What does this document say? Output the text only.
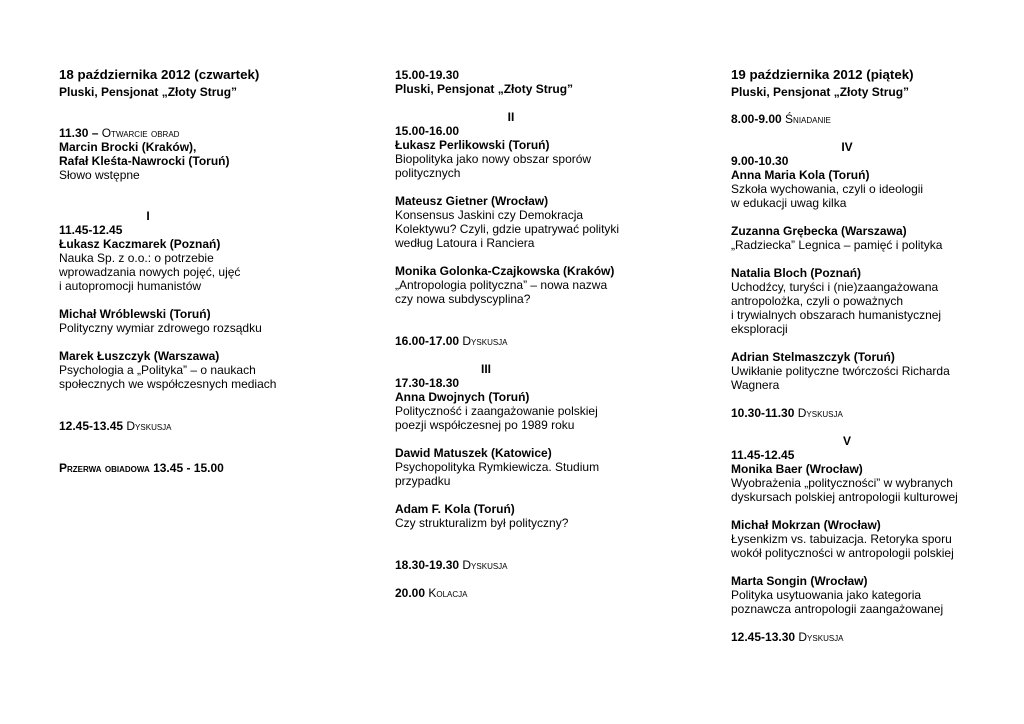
18 października 2012 (czwartek)
Pluski, Pensjonat „Złoty Strug”
11.30 – Otwarcie obrad
Marcin Brocki (Kraków),
Rafał Kleśta-Nawrocki (Toruń)
Słowo wstępne
I
11.45-12.45
Łukasz Kaczmarek (Poznań)
Nauka Sp. z o.o.: o potrzebie
wprowadzania nowych pojęć, ujęć
i autopromocji humanistów
Michał Wróblewski (Toruń)
Polityczny wymiar zdrowego rozsądku
Marek Łuszczyk (Warszawa)
Psychologia a „Polityka” – o naukach
społecznych we współczesnych mediach
12.45-13.45 Dyskusja
Przerwa obiadowa 13.45 - 15.00
15.00-19.30
Pluski, Pensjonat „Złoty Strug”
II
15.00-16.00
Łukasz Perlikowski (Toruń)
Biopolityka jako nowy obszar sporów
politycznych
Mateusz Gietner (Wrocław)
Konsensus Jaskini czy Demokracja
Kolektywu? Czyli, gdzie upatrywać polityki
według Latoura i Ranciera
Monika Golonka-Czajkowska (Kraków)
„Antropologia polityczna” – nowa nazwa
czy nowa subdyscyplina?
16.00-17.00 Dyskusja
III
17.30-18.30
Anna Dwojnych (Toruń)
Polityczność i zaangażowanie polskiej
poezji współczesnej po 1989 roku
Dawid Matuszek (Katowice)
Psychopolityka Rymkiewicza. Studium
przypadku
Adam F. Kola (Toruń)
Czy strukturalizm był polityczny?
18.30-19.30 Dyskusja
20.00 Kolacja
19 października 2012 (piątek)
Pluski, Pensjonat „Złoty Strug”
8.00-9.00 Śniadanie
IV
9.00-10.30
Anna Maria Kola (Toruń)
Szkoła wychowania, czyli o ideologii
w edukacji uwag kilka
Zuzanna Grębecka (Warszawa)
„Radziecka” Legnica – pamięć i polityka
Natalia Bloch (Poznań)
Uchodźcy, turyści i (nie)zaangażowana
antropolożka, czyli o poważnych
i trywialnych obszarach humanistycznej
eksploracji
Adrian Stelmaszczyk (Toruń)
Uwikłanie polityczne twórczości Richarda
Wagnera
10.30-11.30 Dyskusja
V
11.45-12.45
Monika Baer (Wrocław)
Wyobrażenia „polityczności” w wybranych
dyskursach polskiej antropologii kulturowej
Michał Mokrzan (Wrocław)
Łysenkizm vs. tabuizacja. Retoryka sporu
wokół polityczności w antropologii polskiej
Marta Songin (Wrocław)
Polityka usytuowania jako kategoria
poznawcza antropologii zaangażowanej
12.45-13.30 Dyskusja
